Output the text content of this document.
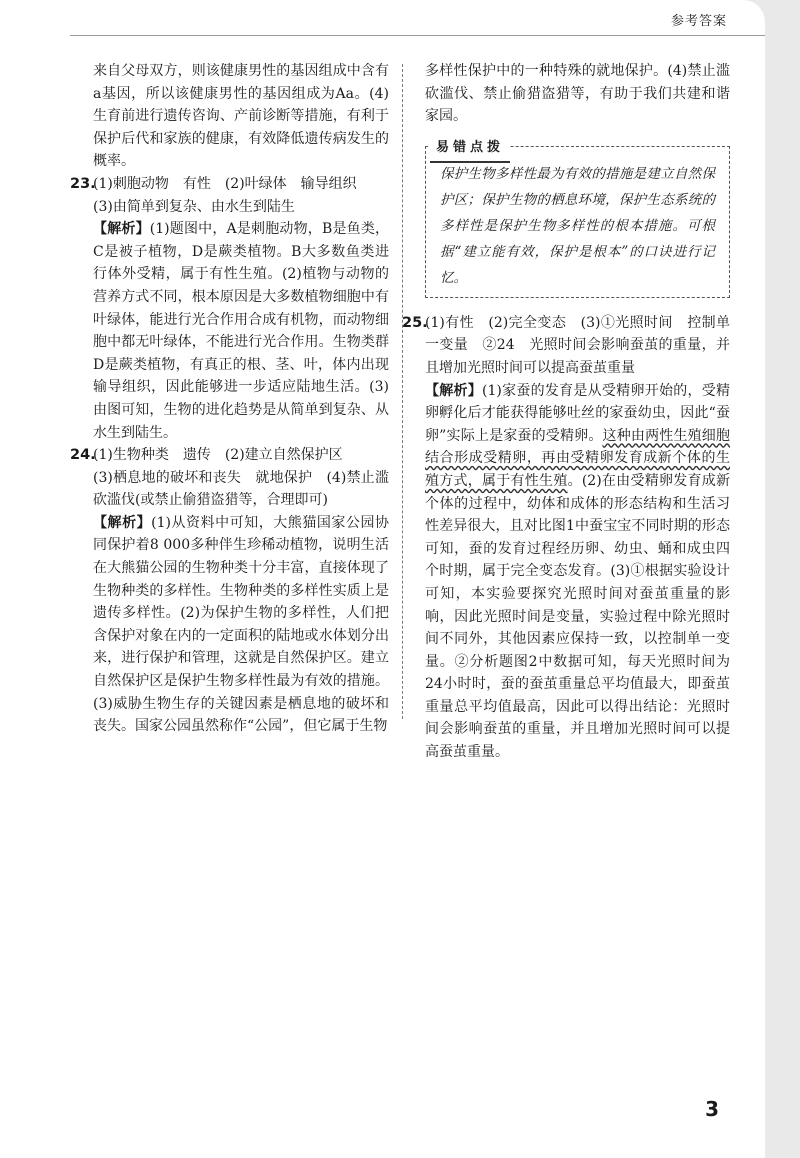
参考答案

来自父母双方，则该健康男性的基因组成中含有a基因，所以该健康男性的基因组成为Aa。(4)生育前进行遗传咨询、产前诊断等措施，有利于保护后代和家族的健康，有效降低遗传病发生的概率。

23.

(1)刺胞动物　有性　(2)叶绿体　输导组织

(3)由简单到复杂、由水生到陆生

【解析】(1)题图中，A是刺胞动物，B是鱼类，C是被子植物，D是蕨类植物。B大多数鱼类进行体外受精，属于有性生殖。(2)植物与动物的营养方式不同，根本原因是大多数植物细胞中有叶绿体，能进行光合作用合成有机物，而动物细胞中都无叶绿体，不能进行光合作用。生物类群D是蕨类植物，有真正的根、茎、叶，体内出现输导组织，因此能够进一步适应陆地生活。(3)由图可知，生物的进化趋势是从简单到复杂、从水生到陆生。

24.

(1)生物种类　遗传　(2)建立自然保护区

(3)栖息地的破坏和丧失　就地保护　(4)禁止滥砍滥伐(或禁止偷猎盗猎等，合理即可)

【解析】(1)从资料中可知，大熊猫国家公园协同保护着8 000多种伴生珍稀动植物，说明生活在大熊猫公园的生物种类十分丰富，直接体现了生物种类的多样性。生物种类的多样性实质上是遗传多样性。(2)为保护生物的多样性，人们把含保护对象在内的一定面积的陆地或水体划分出来，进行保护和管理，这就是自然保护区。建立自然保护区是保护生物多样性最为有效的措施。(3)威胁生物生存的关键因素是栖息地的破坏和丧失。国家公园虽然称作“公园”，但它属于生物

多样性保护中的一种特殊的就地保护。(4)禁止滥砍滥伐、禁止偷猎盗猎等，有助于我们共建和谐家园。

易错点拨

保护生物多样性最为有效的措施是建立自然保护区；保护生物的栖息环境，保护生态系统的多样性是保护生物多样性的根本措施。可根据“建立能有效，保护是根本”的口诀进行记忆。

25.

(1)有性　(2)完全变态　(3)①光照时间　控制单一变量　②24　光照时间会影响蚕茧的重量，并且增加光照时间可以提高蚕茧重量

【解析】(1)家蚕的发育是从受精卵开始的，受精卵孵化后才能获得能够吐丝的家蚕幼虫，因此“蚕卵”实际上是家蚕的受精卵。这种由两性生殖细胞结合形成受精卵，再由受精卵发育成新个体的生殖方式，属于有性生殖。(2)在由受精卵发育成新个体的过程中，幼体和成体的形态结构和生活习性差异很大，且对比图1中蚕宝宝不同时期的形态可知，蚕的发育过程经历卵、幼虫、蛹和成虫四个时期，属于完全变态发育。(3)①根据实验设计可知，本实验要探究光照时间对蚕茧重量的影响，因此光照时间是变量，实验过程中除光照时间不同外，其他因素应保持一致，以控制单一变量。②分析题图2中数据可知，每天光照时间为24小时时，蚕的蚕茧重量总平均值最大，即蚕茧重量总平均值最高，因此可以得出结论：光照时间会影响蚕茧的重量，并且增加光照时间可以提高蚕茧重量。

3
